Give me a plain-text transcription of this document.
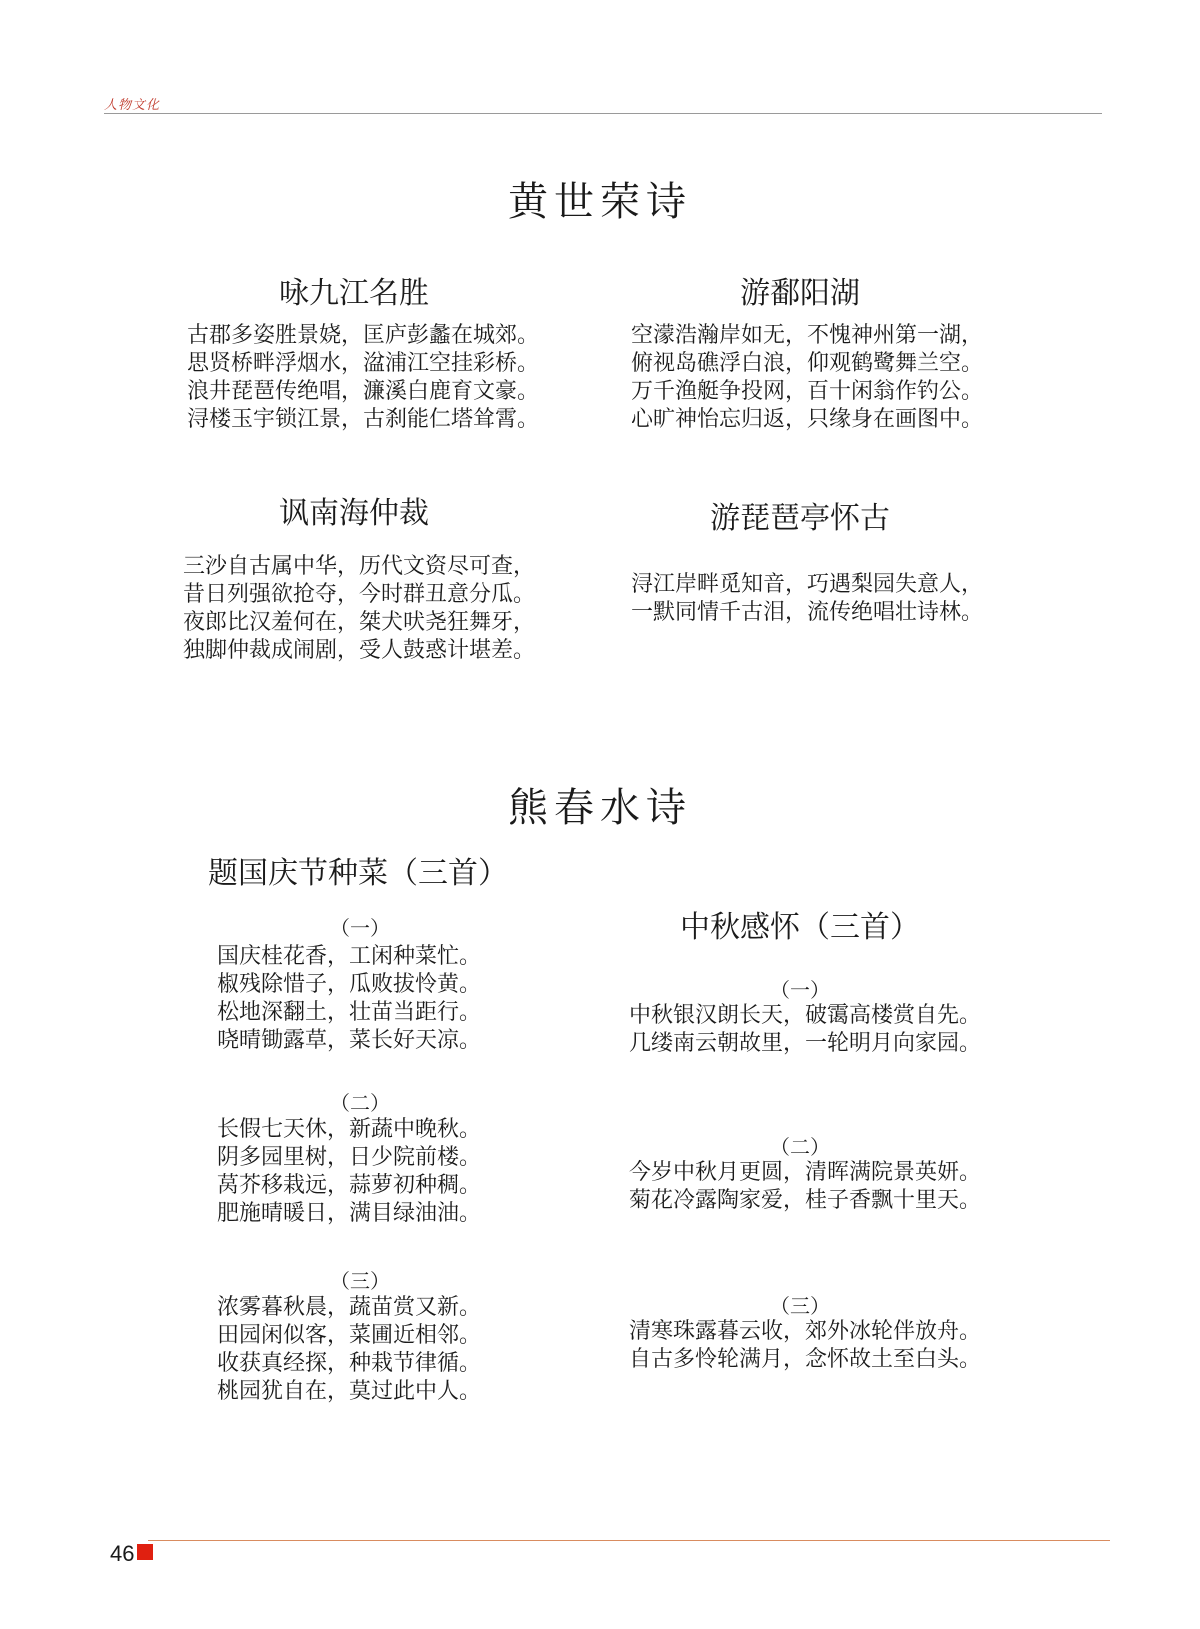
人物文化
黄世荣诗
咏九江名胜
古郡多姿胜景娆，匡庐彭蠡在城郊。
思贤桥畔浮烟水，湓浦江空挂彩桥。
浪井琵琶传绝唱，濂溪白鹿育文豪。
浔楼玉宇锁江景，古刹能仁塔耸霄。
游鄱阳湖
空濛浩瀚岸如无，不愧神州第一湖，
俯视岛礁浮白浪，仰观鹤鹭舞兰空。
万千渔艇争投网，百十闲翁作钓公。
心旷神怡忘归返，只缘身在画图中。
讽南海仲裁
三沙自古属中华，历代文资尽可查，
昔日列强欲抢夺，今时群丑意分瓜。
夜郎比汉羞何在，桀犬吠尧狂舞牙，
独脚仲裁成闹剧，受人鼓惑计堪差。
游琵琶亭怀古
浔江岸畔觅知音，巧遇梨园失意人，
一默同情千古泪，流传绝唱壮诗林。
熊春水诗
题国庆节种菜（三首）
（一）
国庆桂花香，工闲种菜忙。
椒残除惜子，瓜败拔怜黄。
松地深翻土，壮苗当距行。
哓晴锄露草，菜长好天凉。
（二）
长假七天休，新蔬中晚秋。
阴多园里树，日少院前楼。
莴芥移栽远，蒜萝初种稠。
肥施晴暖日，满目绿油油。
（三）
浓雾暮秋晨，蔬苗赏又新。
田园闲似客，菜圃近相邻。
收获真经探，种栽节律循。
桃园犹自在，莫过此中人。
中秋感怀（三首）
（一）
中秋银汉朗长天，破霭高楼赏自先。
几缕南云朝故里，一轮明月向家园。
（二）
今岁中秋月更圆，清晖满院景英妍。
菊花冷露陶家爱，桂子香飘十里天。
（三）
清寒珠露暮云收，郊外冰轮伴放舟。
自古多怜轮满月，念怀故土至白头。
46
